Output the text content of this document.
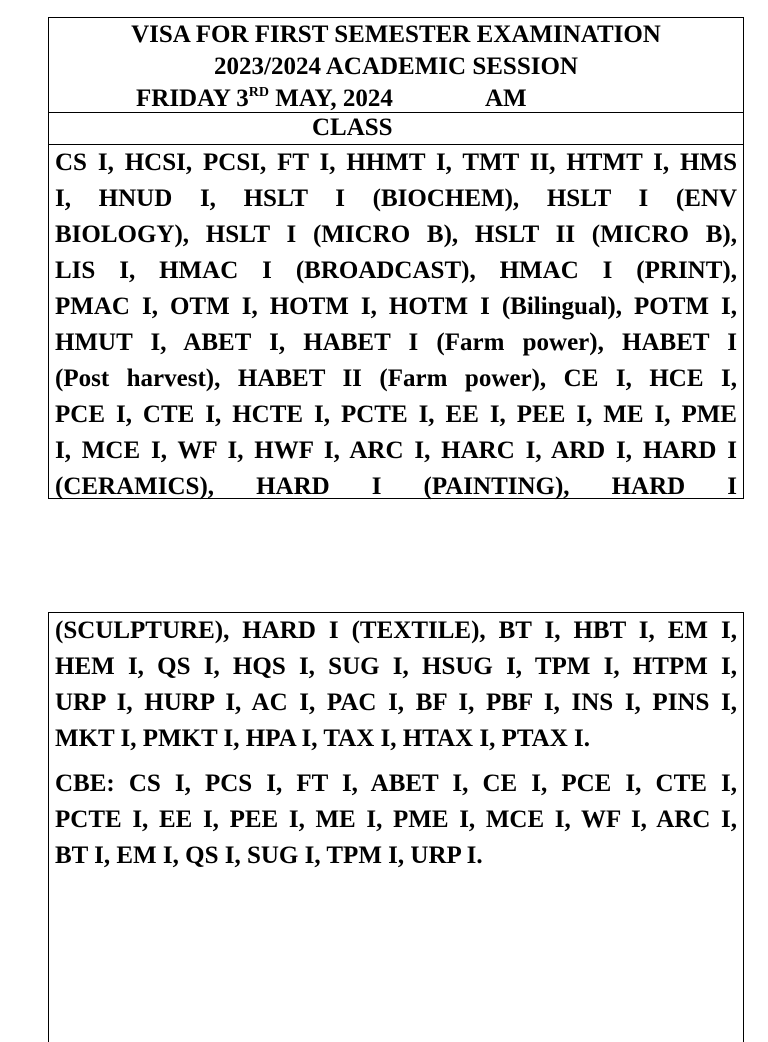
VISA FOR FIRST SEMESTER EXAMINATION
2023/2024 ACADEMIC SESSION
FRIDAY 3RD MAY, 2024	AM
CLASS
CS I, HCSI, PCSI, FT I, HHMT I, TMT II, HTMT I, HMS
I, HNUD I, HSLT I (BIOCHEM), HSLT I (ENV
BIOLOGY), HSLT I (MICRO B), HSLT II (MICRO B),
LIS I, HMAC I (BROADCAST), HMAC I (PRINT),
PMAC I, OTM I, HOTM I, HOTM I (Bilingual), POTM I,
HMUT I, ABET I, HABET I (Farm power), HABET I
(Post harvest), HABET II (Farm power), CE I, HCE I,
PCE I, CTE I, HCTE I, PCTE I, EE I, PEE I, ME I, PME
I, MCE I, WF I, HWF I, ARC I, HARC I, ARD I, HARD I
(CERAMICS), HARD I (PAINTING), HARD I
(SCULPTURE), HARD I (TEXTILE), BT I, HBT I, EM I,
HEM I, QS I, HQS I, SUG I, HSUG I, TPM I, HTPM I,
URP I, HURP I, AC I, PAC I, BF I, PBF I, INS I, PINS I,
MKT I, PMKT I, HPA I, TAX I, HTAX I, PTAX I.
CBE: CS I, PCS I, FT I, ABET I, CE I, PCE I, CTE I,
PCTE I, EE I, PEE I, ME I, PME I, MCE I, WF I, ARC I,
BT I, EM I, QS I, SUG I, TPM I, URP I.
